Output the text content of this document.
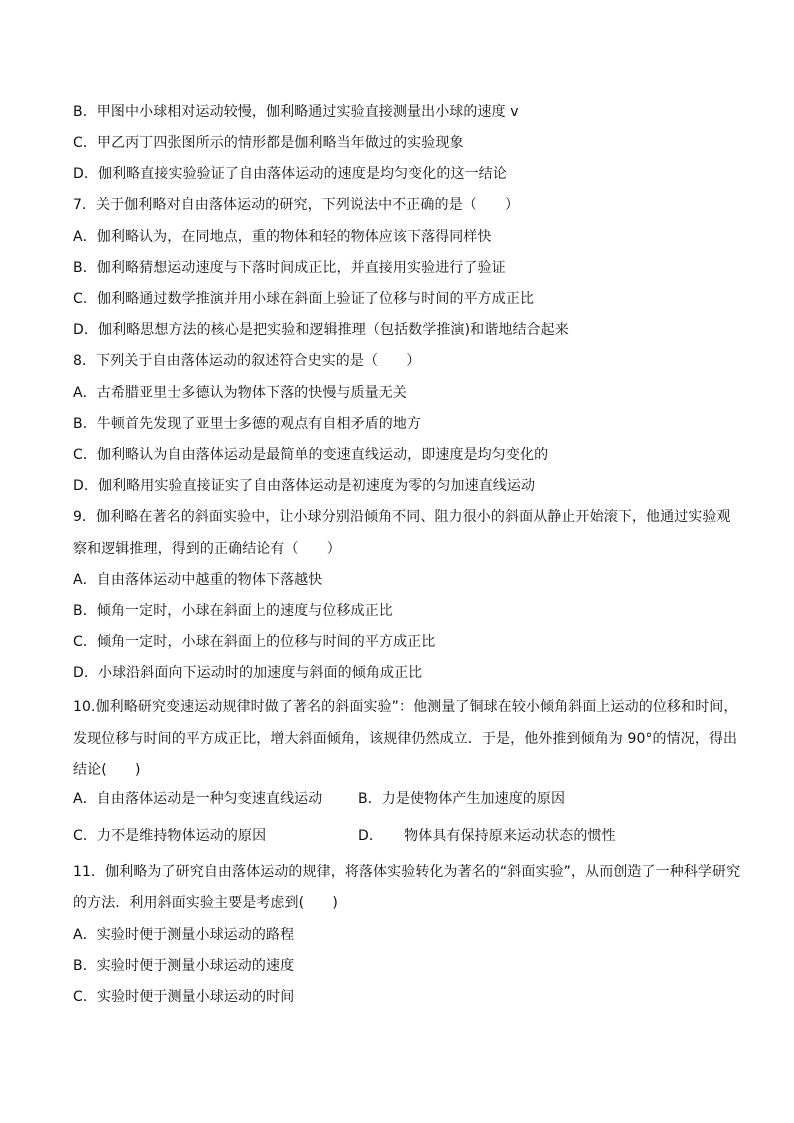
B．甲图中小球相对运动较慢，伽利略通过实验直接测量出小球的速度 v
C．甲乙丙丁四张图所示的情形都是伽利略当年做过的实验现象
D．伽利略直接实验验证了自由落体运动的速度是均匀变化的这一结论
7．关于伽利略对自由落体运动的研究，下列说法中不正确的是（　　）
A．伽利略认为，在同地点，重的物体和轻的物体应该下落得同样快
B．伽利略猜想运动速度与下落时间成正比，并直接用实验进行了验证
C．伽利略通过数学推演并用小球在斜面上验证了位移与时间的平方成正比
D．伽利略思想方法的核心是把实验和逻辑推理（包括数学推演)和谐地结合起来
8．下列关于自由落体运动的叙述符合史实的是（　　）
A．古希腊亚里士多德认为物体下落的快慢与质量无关
B．牛顿首先发现了亚里士多德的观点有自相矛盾的地方
C．伽利略认为自由落体运动是最简单的变速直线运动，即速度是均匀变化的
D．伽利略用实验直接证实了自由落体运动是初速度为零的匀加速直线运动
9．伽利略在著名的斜面实验中，让小球分别沿倾角不同、阻力很小的斜面从静止开始滚下，他通过实验观
察和逻辑推理，得到的正确结论有（　　）
A．自由落体运动中越重的物体下落越快
B．倾角一定时，小球在斜面上的速度与位移成正比
C．倾角一定时，小球在斜面上的位移与时间的平方成正比
D．小球沿斜面向下运动时的加速度与斜面的倾角成正比
10.伽利略研究变速运动规律时做了著名的斜面实验”：他测量了铜球在较小倾角斜面上运动的位移和时间，
发现位移与时间的平方成正比，增大斜面倾角，该规律仍然成立．于是，他外推到倾角为 90°的情况，得出
结论(　　)
A．自由落体运动是一种匀变速直线运动	B．力是使物体产生加速度的原因
C．力不是维持物体运动的原因	D．　　物体具有保持原来运动状态的惯性
11．伽利略为了研究自由落体运动的规律，将落体实验转化为著名的“斜面实验”，从而创造了一种科学研究
的方法．利用斜面实验主要是考虑到(　　)
A．实验时便于测量小球运动的路程
B．实验时便于测量小球运动的速度
C．实验时便于测量小球运动的时间
